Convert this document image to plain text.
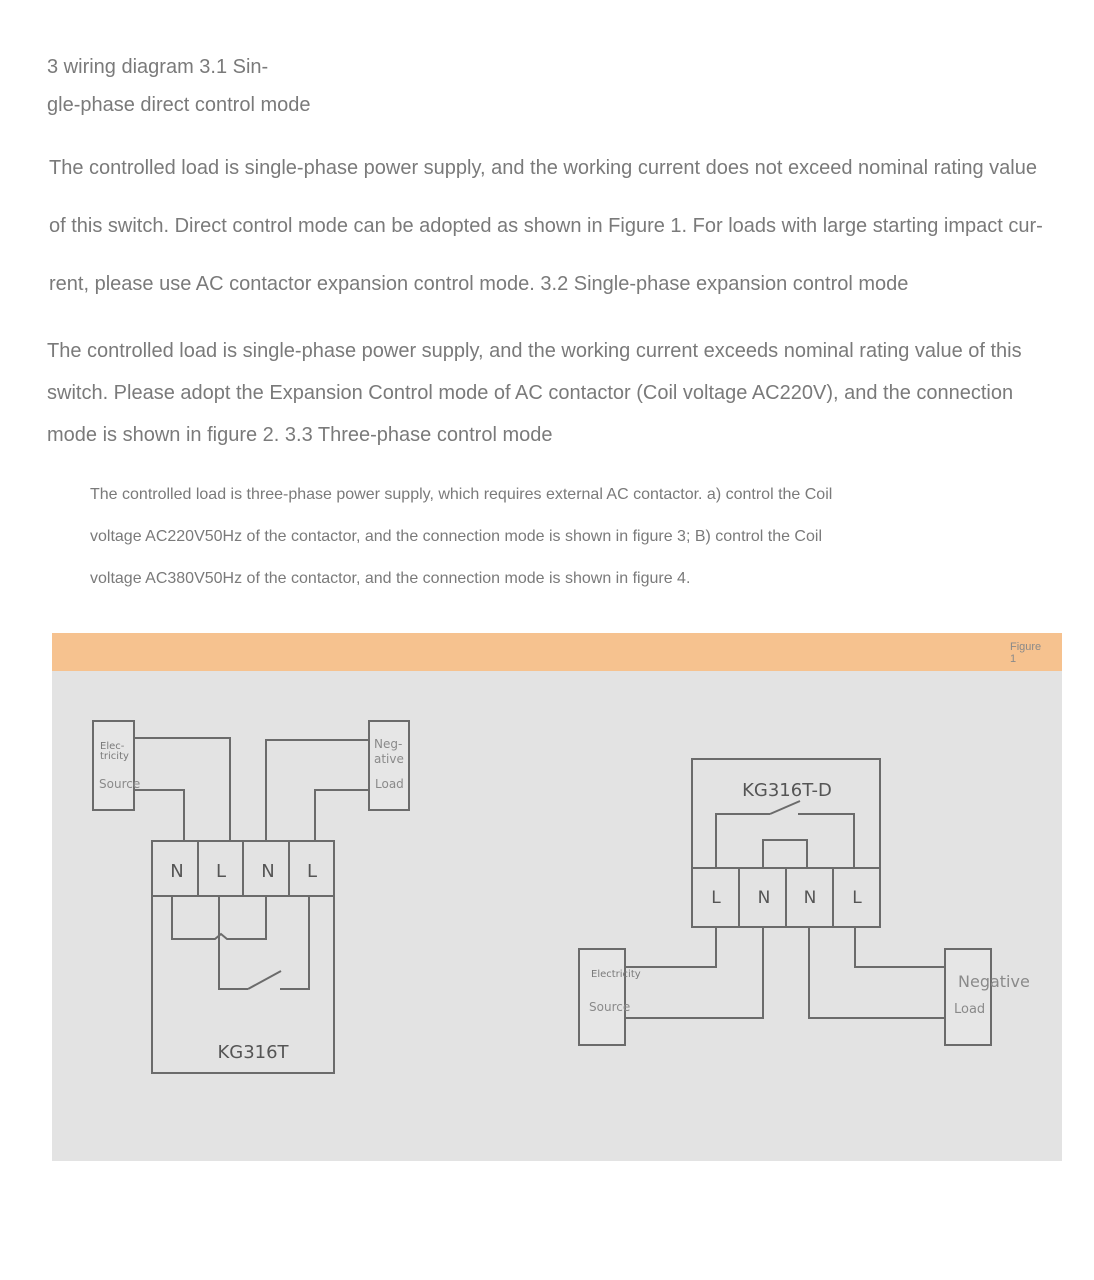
3 wiring diagram 3.1 Sin-
gle-phase direct control mode
The controlled load is single-phase power supply, and the working current does not exceed nominal rating value
of this switch. Direct control mode can be adopted as shown in Figure 1. For loads with large starting impact cur-
rent, please use AC contactor expansion control mode. 3.2 Single-phase expansion control mode
The controlled load is single-phase power supply, and the working current exceeds nominal rating value of this
switch. Please adopt the Expansion Control mode of AC contactor (Coil voltage AC220V), and the connection
mode is shown in figure 2. 3.3 Three-phase control mode
The controlled load is three-phase power supply, which requires external AC contactor. a) control the Coil
voltage AC220V50Hz of the contactor, and the connection mode is shown in figure 3; B) control the Coil
voltage AC380V50Hz of the contactor, and the connection mode is shown in figure 4.
Figure
1
Elec-
tricity
Source
Neg-
ative
Load
N L N L
KG316T
KG316T-D
L N N L
Electricity
Source
Negative
Load
